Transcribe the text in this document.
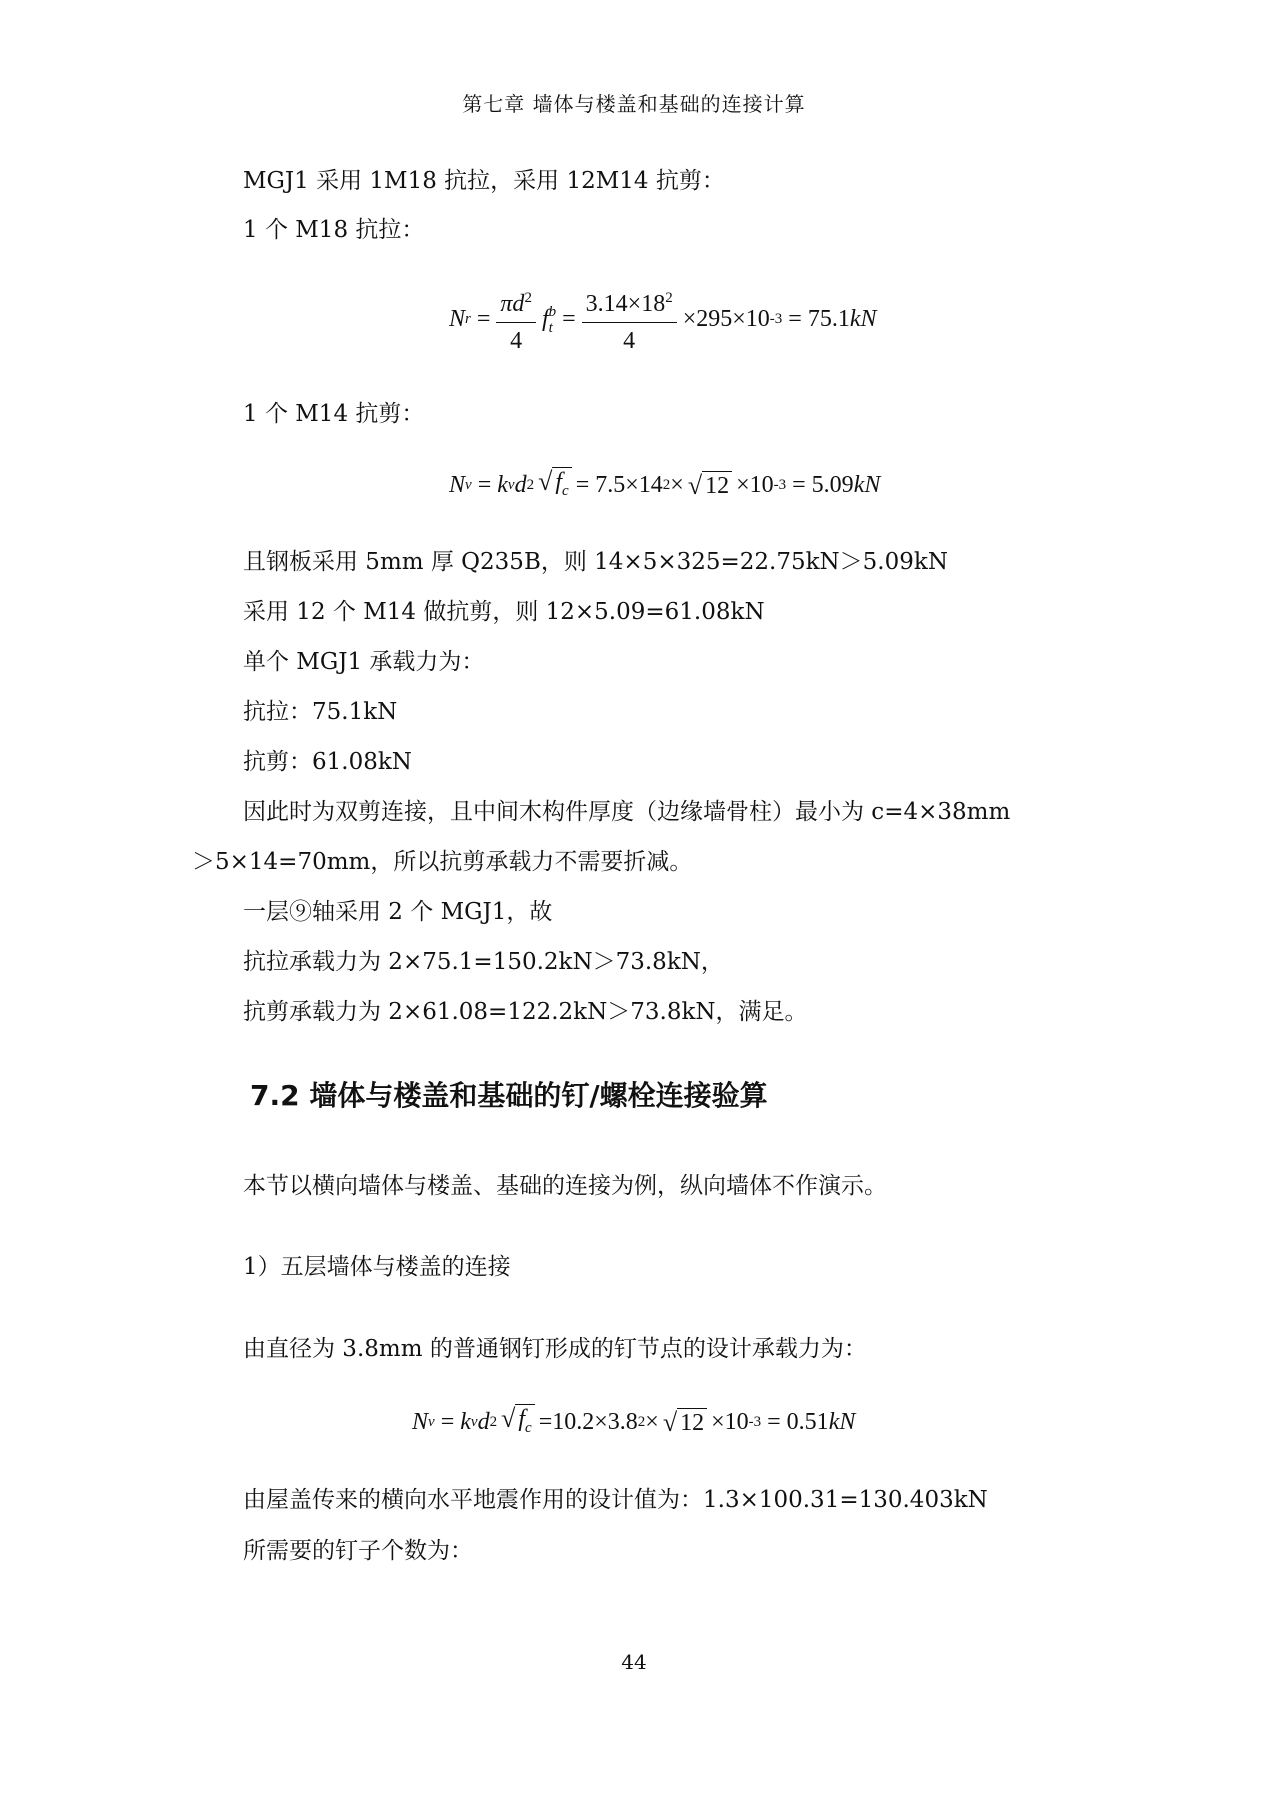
第七章 墙体与楼盖和基础的连接计算
MGJ1 采用 1M18 抗拉，采用 12M14 抗剪：
1 个 M18 抗拉：
N $r = \frac{\pi d^2}{4}$ f b
$t = \frac{3.14\times 18^2}{4} \times 295\times 10$ -3 = 75.1 kN
1 个 M14 抗剪：
N v = k v d 2 √ $f_c = 7.5\times 14$ 2 × √ 12 ×10 -3 = 5.09 kN
且钢板采用 5mm 厚 Q235B，则 14×5×325=22.75kN＞5.09kN
采用 12 个 M14 做抗剪，则 12×5.09=61.08kN
单个 MGJ1 承载力为：
抗拉：75.1kN
抗剪：61.08kN
因此时为双剪连接，且中间木构件厚度（边缘墙骨柱）最小为 c=4×38mm
＞5×14=70mm，所以抗剪承载力不需要折减。
一层⑨轴采用 2 个 MGJ1，故
抗拉承载力为 2×75.1=150.2kN＞73.8kN，
抗剪承载力为 2×61.08=122.2kN＞73.8kN，满足。
7.2 墙体与楼盖和基础的钉/螺栓连接验算
本节以横向墙体与楼盖、基础的连接为例，纵向墙体不作演示。
1）五层墙体与楼盖的连接
由直径为 3.8mm 的普通钢钉形成的钉节点的设计承载力为：
N v = k v d 2 √ $f_c =10.2\times 3.8$ 2 × √ 12 ×10 -3 = 0.51 kN
由屋盖传来的横向水平地震作用的设计值为：1.3×100.31=130.403kN
所需要的钉子个数为：
44
